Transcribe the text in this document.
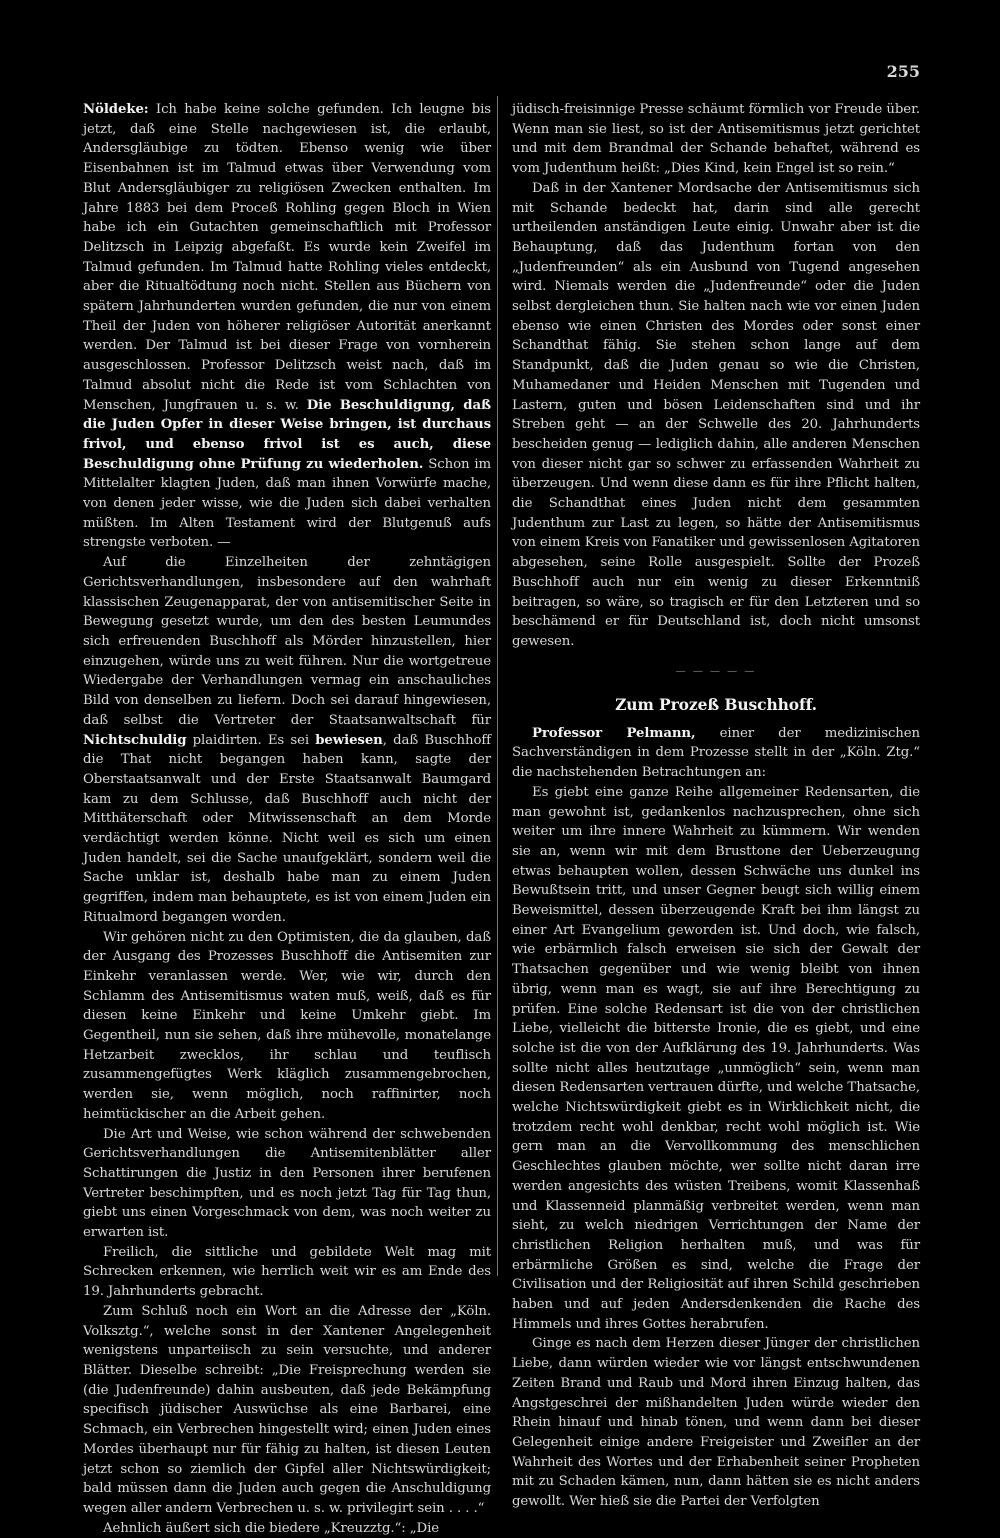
255

Nöldeke: Ich habe keine solche gefunden. Ich leugne bis jetzt, daß eine Stelle nachgewiesen ist, die erlaubt, Andersgläubige zu tödten. Ebenso wenig wie über Eisenbahnen ist im Talmud etwas über Verwendung vom Blut Andersgläubiger zu religiösen Zwecken enthalten. Im Jahre 1883 bei dem Proceß Rohling gegen Bloch in Wien habe ich ein Gutachten gemeinschaftlich mit Professor Delitzsch in Leipzig abgefaßt. Es wurde kein Zweifel im Talmud gefunden. Im Talmud hatte Rohling vieles entdeckt, aber die Ritualtödtung noch nicht. Stellen aus Büchern von spätern Jahrhunderten wurden gefunden, die nur von einem Theil der Juden von höherer religiöser Autorität anerkannt werden. Der Talmud ist bei dieser Frage von vornherein ausgeschlossen. Professor Delitzsch weist nach, daß im Talmud absolut nicht die Rede ist vom Schlachten von Menschen, Jungfrauen u. s. w. Die Beschuldigung, daß die Juden Opfer in dieser Weise bringen, ist durchaus frivol, und ebenso frivol ist es auch, diese Beschuldigung ohne Prüfung zu wiederholen. Schon im Mittelalter klagten Juden, daß man ihnen Vorwürfe mache, von denen jeder wisse, wie die Juden sich dabei verhalten müßten. Im Alten Testament wird der Blutgenuß aufs strengste verboten. —

Auf die Einzelheiten der zehntägigen Gerichtsverhandlungen, insbesondere auf den wahrhaft klassischen Zeugenapparat, der von antisemitischer Seite in Bewegung gesetzt wurde, um den des besten Leumundes sich erfreuenden Buschhoff als Mörder hinzustellen, hier einzugehen, würde uns zu weit führen. Nur die wortgetreue Wiedergabe der Verhandlungen vermag ein anschauliches Bild von denselben zu liefern. Doch sei darauf hingewiesen, daß selbst die Vertreter der Staatsanwaltschaft für Nichtschuldig plaidirten. Es sei bewiesen, daß Buschhoff die That nicht begangen haben kann, sagte der Oberstaatsanwalt und der Erste Staatsanwalt Baumgard kam zu dem Schlusse, daß Buschhoff auch nicht der Mitthäterschaft oder Mitwissenschaft an dem Morde verdächtigt werden könne. Nicht weil es sich um einen Juden handelt, sei die Sache unaufgeklärt, sondern weil die Sache unklar ist, deshalb habe man zu einem Juden gegriffen, indem man behauptete, es ist von einem Juden ein Ritualmord begangen worden.

Wir gehören nicht zu den Optimisten, die da glauben, daß der Ausgang des Prozesses Buschhoff die Antisemiten zur Einkehr veranlassen werde. Wer, wie wir, durch den Schlamm des Antisemitismus waten muß, weiß, daß es für diesen keine Einkehr und keine Umkehr giebt. Im Gegentheil, nun sie sehen, daß ihre mühevolle, monatelange Hetzarbeit zwecklos, ihr schlau und teuflisch zusammengefügtes Werk kläglich zusammengebrochen, werden sie, wenn möglich, noch raffinirter, noch heimtückischer an die Arbeit gehen.

Die Art und Weise, wie schon während der schwebenden Gerichtsverhandlungen die Antisemitenblätter aller Schattirungen die Justiz in den Personen ihrer berufenen Vertreter beschimpften, und es noch jetzt Tag für Tag thun, giebt uns einen Vorgeschmack von dem, was noch weiter zu erwarten ist.

Freilich, die sittliche und gebildete Welt mag mit Schrecken erkennen, wie herrlich weit wir es am Ende des 19. Jahrhunderts gebracht.

Zum Schluß noch ein Wort an die Adresse der „Köln. Volksztg.“, welche sonst in der Xantener Angelegenheit wenigstens unparteiisch zu sein versuchte, und anderer Blätter. Dieselbe schreibt: „Die Freisprechung werden sie (die Judenfreunde) dahin ausbeuten, daß jede Bekämpfung specifisch jüdischer Auswüchse als eine Barbarei, eine Schmach, ein Verbrechen hingestellt wird; einen Juden eines Mordes überhaupt nur für fähig zu halten, ist diesen Leuten jetzt schon so ziemlich der Gipfel aller Nichtswürdigkeit; bald müssen dann die Juden auch gegen die Anschuldigung wegen aller andern Verbrechen u. s. w. privilegirt sein . . . .“

Aehnlich äußert sich die biedere „Kreuzztg.“: „Die

jüdisch-freisinnige Presse schäumt förmlich vor Freude über. Wenn man sie liest, so ist der Antisemitismus jetzt gerichtet und mit dem Brandmal der Schande behaftet, während es vom Judenthum heißt: „Dies Kind, kein Engel ist so rein.“

Daß in der Xantener Mordsache der Antisemitismus sich mit Schande bedeckt hat, darin sind alle gerecht urtheilenden anständigen Leute einig. Unwahr aber ist die Behauptung, daß das Judenthum fortan von den „Judenfreunden“ als ein Ausbund von Tugend angesehen wird. Niemals werden die „Judenfreunde“ oder die Juden selbst dergleichen thun. Sie halten nach wie vor einen Juden ebenso wie einen Christen des Mordes oder sonst einer Schandthat fähig. Sie stehen schon lange auf dem Standpunkt, daß die Juden genau so wie die Christen, Muhamedaner und Heiden Menschen mit Tugenden und Lastern, guten und bösen Leidenschaften sind und ihr Streben geht — an der Schwelle des 20. Jahrhunderts bescheiden genug — lediglich dahin, alle anderen Menschen von dieser nicht gar so schwer zu erfassenden Wahrheit zu überzeugen. Und wenn diese dann es für ihre Pflicht halten, die Schandthat eines Juden nicht dem gesammten Judenthum zur Last zu legen, so hätte der Antisemitismus von einem Kreis von Fanatiker und gewissenlosen Agitatoren abgesehen, seine Rolle ausgespielt. Sollte der Prozeß Buschhoff auch nur ein wenig zu dieser Erkenntniß beitragen, so wäre, so tragisch er für den Letzteren und so beschämend er für Deutschland ist, doch nicht umsonst gewesen.

— — — — —
Zum Prozeß Buschhoff.

Professor Pelmann, einer der medizinischen Sachverständigen in dem Prozesse stellt in der „Köln. Ztg.“ die nachstehenden Betrachtungen an:

Es giebt eine ganze Reihe allgemeiner Redensarten, die man gewohnt ist, gedankenlos nachzusprechen, ohne sich weiter um ihre innere Wahrheit zu kümmern. Wir wenden sie an, wenn wir mit dem Brusttone der Ueberzeugung etwas behaupten wollen, dessen Schwäche uns dunkel ins Bewußtsein tritt, und unser Gegner beugt sich willig einem Beweismittel, dessen überzeugende Kraft bei ihm längst zu einer Art Evangelium geworden ist. Und doch, wie falsch, wie erbärmlich falsch erweisen sie sich der Gewalt der Thatsachen gegenüber und wie wenig bleibt von ihnen übrig, wenn man es wagt, sie auf ihre Berechtigung zu prüfen. Eine solche Redensart ist die von der christlichen Liebe, vielleicht die bitterste Ironie, die es giebt, und eine solche ist die von der Aufklärung des 19. Jahrhunderts. Was sollte nicht alles heutzutage „unmöglich“ sein, wenn man diesen Redensarten vertrauen dürfte, und welche Thatsache, welche Nichtswürdigkeit giebt es in Wirklichkeit nicht, die trotzdem recht wohl denkbar, recht wohl möglich ist. Wie gern man an die Vervollkommung des menschlichen Geschlechtes glauben möchte, wer sollte nicht daran irre werden angesichts des wüsten Treibens, womit Klassenhaß und Klassenneid planmäßig verbreitet werden, wenn man sieht, zu welch niedrigen Verrichtungen der Name der christlichen Religion herhalten muß, und was für erbärmliche Größen es sind, welche die Frage der Civilisation und der Religiosität auf ihren Schild geschrieben haben und auf jeden Andersdenkenden die Rache des Himmels und ihres Gottes herabrufen.

Ginge es nach dem Herzen dieser Jünger der christlichen Liebe, dann würden wieder wie vor längst entschwundenen Zeiten Brand und Raub und Mord ihren Einzug halten, das Angstgeschrei der mißhandelten Juden würde wieder den Rhein hinauf und hinab tönen, und wenn dann bei dieser Gelegenheit einige andere Freigeister und Zweifler an der Wahrheit des Wortes und der Erhabenheit seiner Propheten mit zu Schaden kämen, nun, dann hätten sie es nicht anders gewollt. Wer hieß sie die Partei der Verfolgten
